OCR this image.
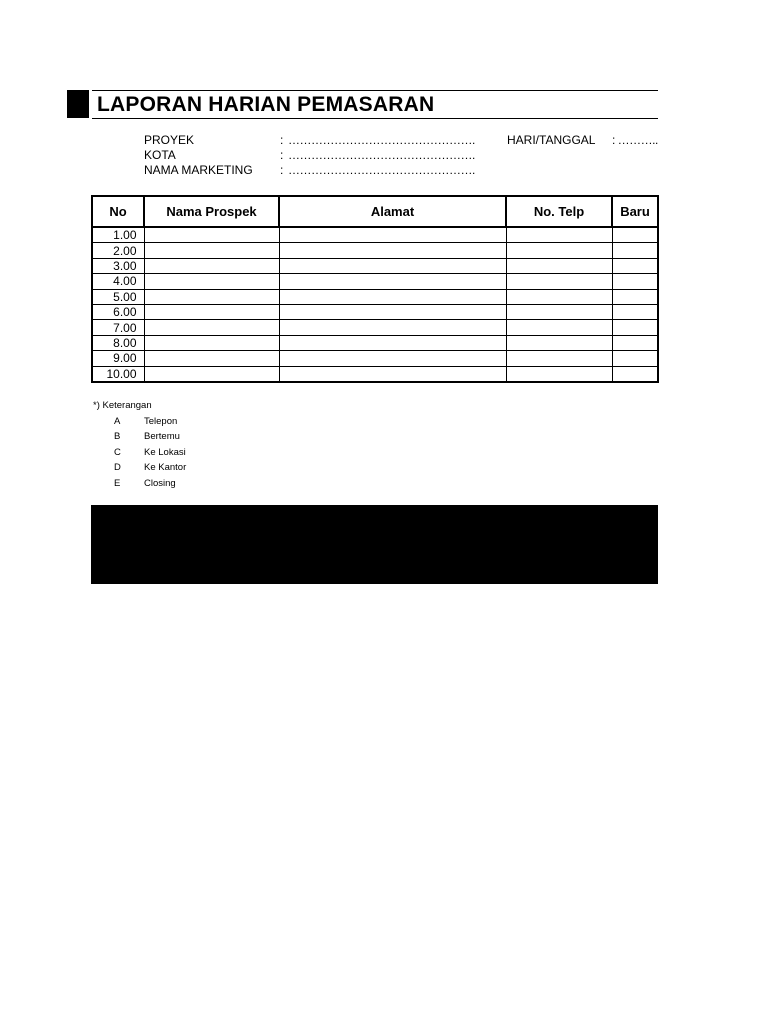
LAPORAN HARIAN PEMASARAN
PROYEK	: ………………………………………….
KOTA	: ………………………………………….
NAMA MARKETING : ………………………………………….
HARI/TANGGAL : ………..
No	Nama Prospek	Alamat	No. Telp	Baru
1.00				
2.00				
3.00				
4.00				
5.00				
6.00				
7.00				
8.00				
9.00				
10.00				
*) Keterangan
A	Telepon
B	Bertemu
C	Ke Lokasi
D	Ke Kantor
E	Closing
